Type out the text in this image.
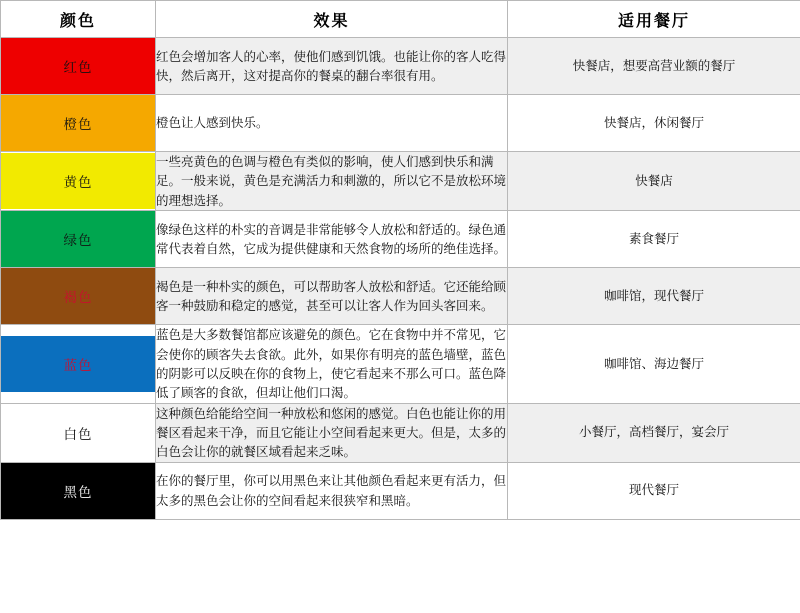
颜色	效果	适用餐厅

红色	红色会增加客人的心率，使他们感到饥饿。也能让你的客人吃得快，然后离开，这对提高你的餐桌的翻台率很有用。	快餐店，想要高营业额的餐厅

橙色	橙色让人感到快乐。	快餐店，休闲餐厅

黄色	一些亮黄色的色调与橙色有类似的影响，使人们感到快乐和满足。一般来说，黄色是充满活力和刺激的，所以它不是放松环境的理想选择。	快餐店

绿色	像绿色这样的朴实的音调是非常能够令人放松和舒适的。绿色通常代表着自然，它成为提供健康和天然食物的场所的绝佳选择。	素食餐厅

褐色	褐色是一种朴实的颜色，可以帮助客人放松和舒适。它还能给顾客一种鼓励和稳定的感觉，甚至可以让客人作为回头客回来。	咖啡馆，现代餐厅

蓝色	蓝色是大多数餐馆都应该避免的颜色。它在食物中并不常见，它会使你的顾客失去食欲。此外，如果你有明亮的蓝色墙壁，蓝色的阴影可以反映在你的食物上，使它看起来不那么可口。蓝色降低了顾客的食欲，但却让他们口渴。	咖啡馆、海边餐厅

白色	这种颜色给能给空间一种放松和悠闲的感觉。白色也能让你的用餐区看起来干净，而且它能让小空间看起来更大。但是，太多的白色会让你的就餐区域看起来乏味。	小餐厅，高档餐厅，宴会厅

黑色	在你的餐厅里，你可以用黑色来让其他颜色看起来更有活力，但太多的黑色会让你的空间看起来很狭窄和黑暗。	现代餐厅
